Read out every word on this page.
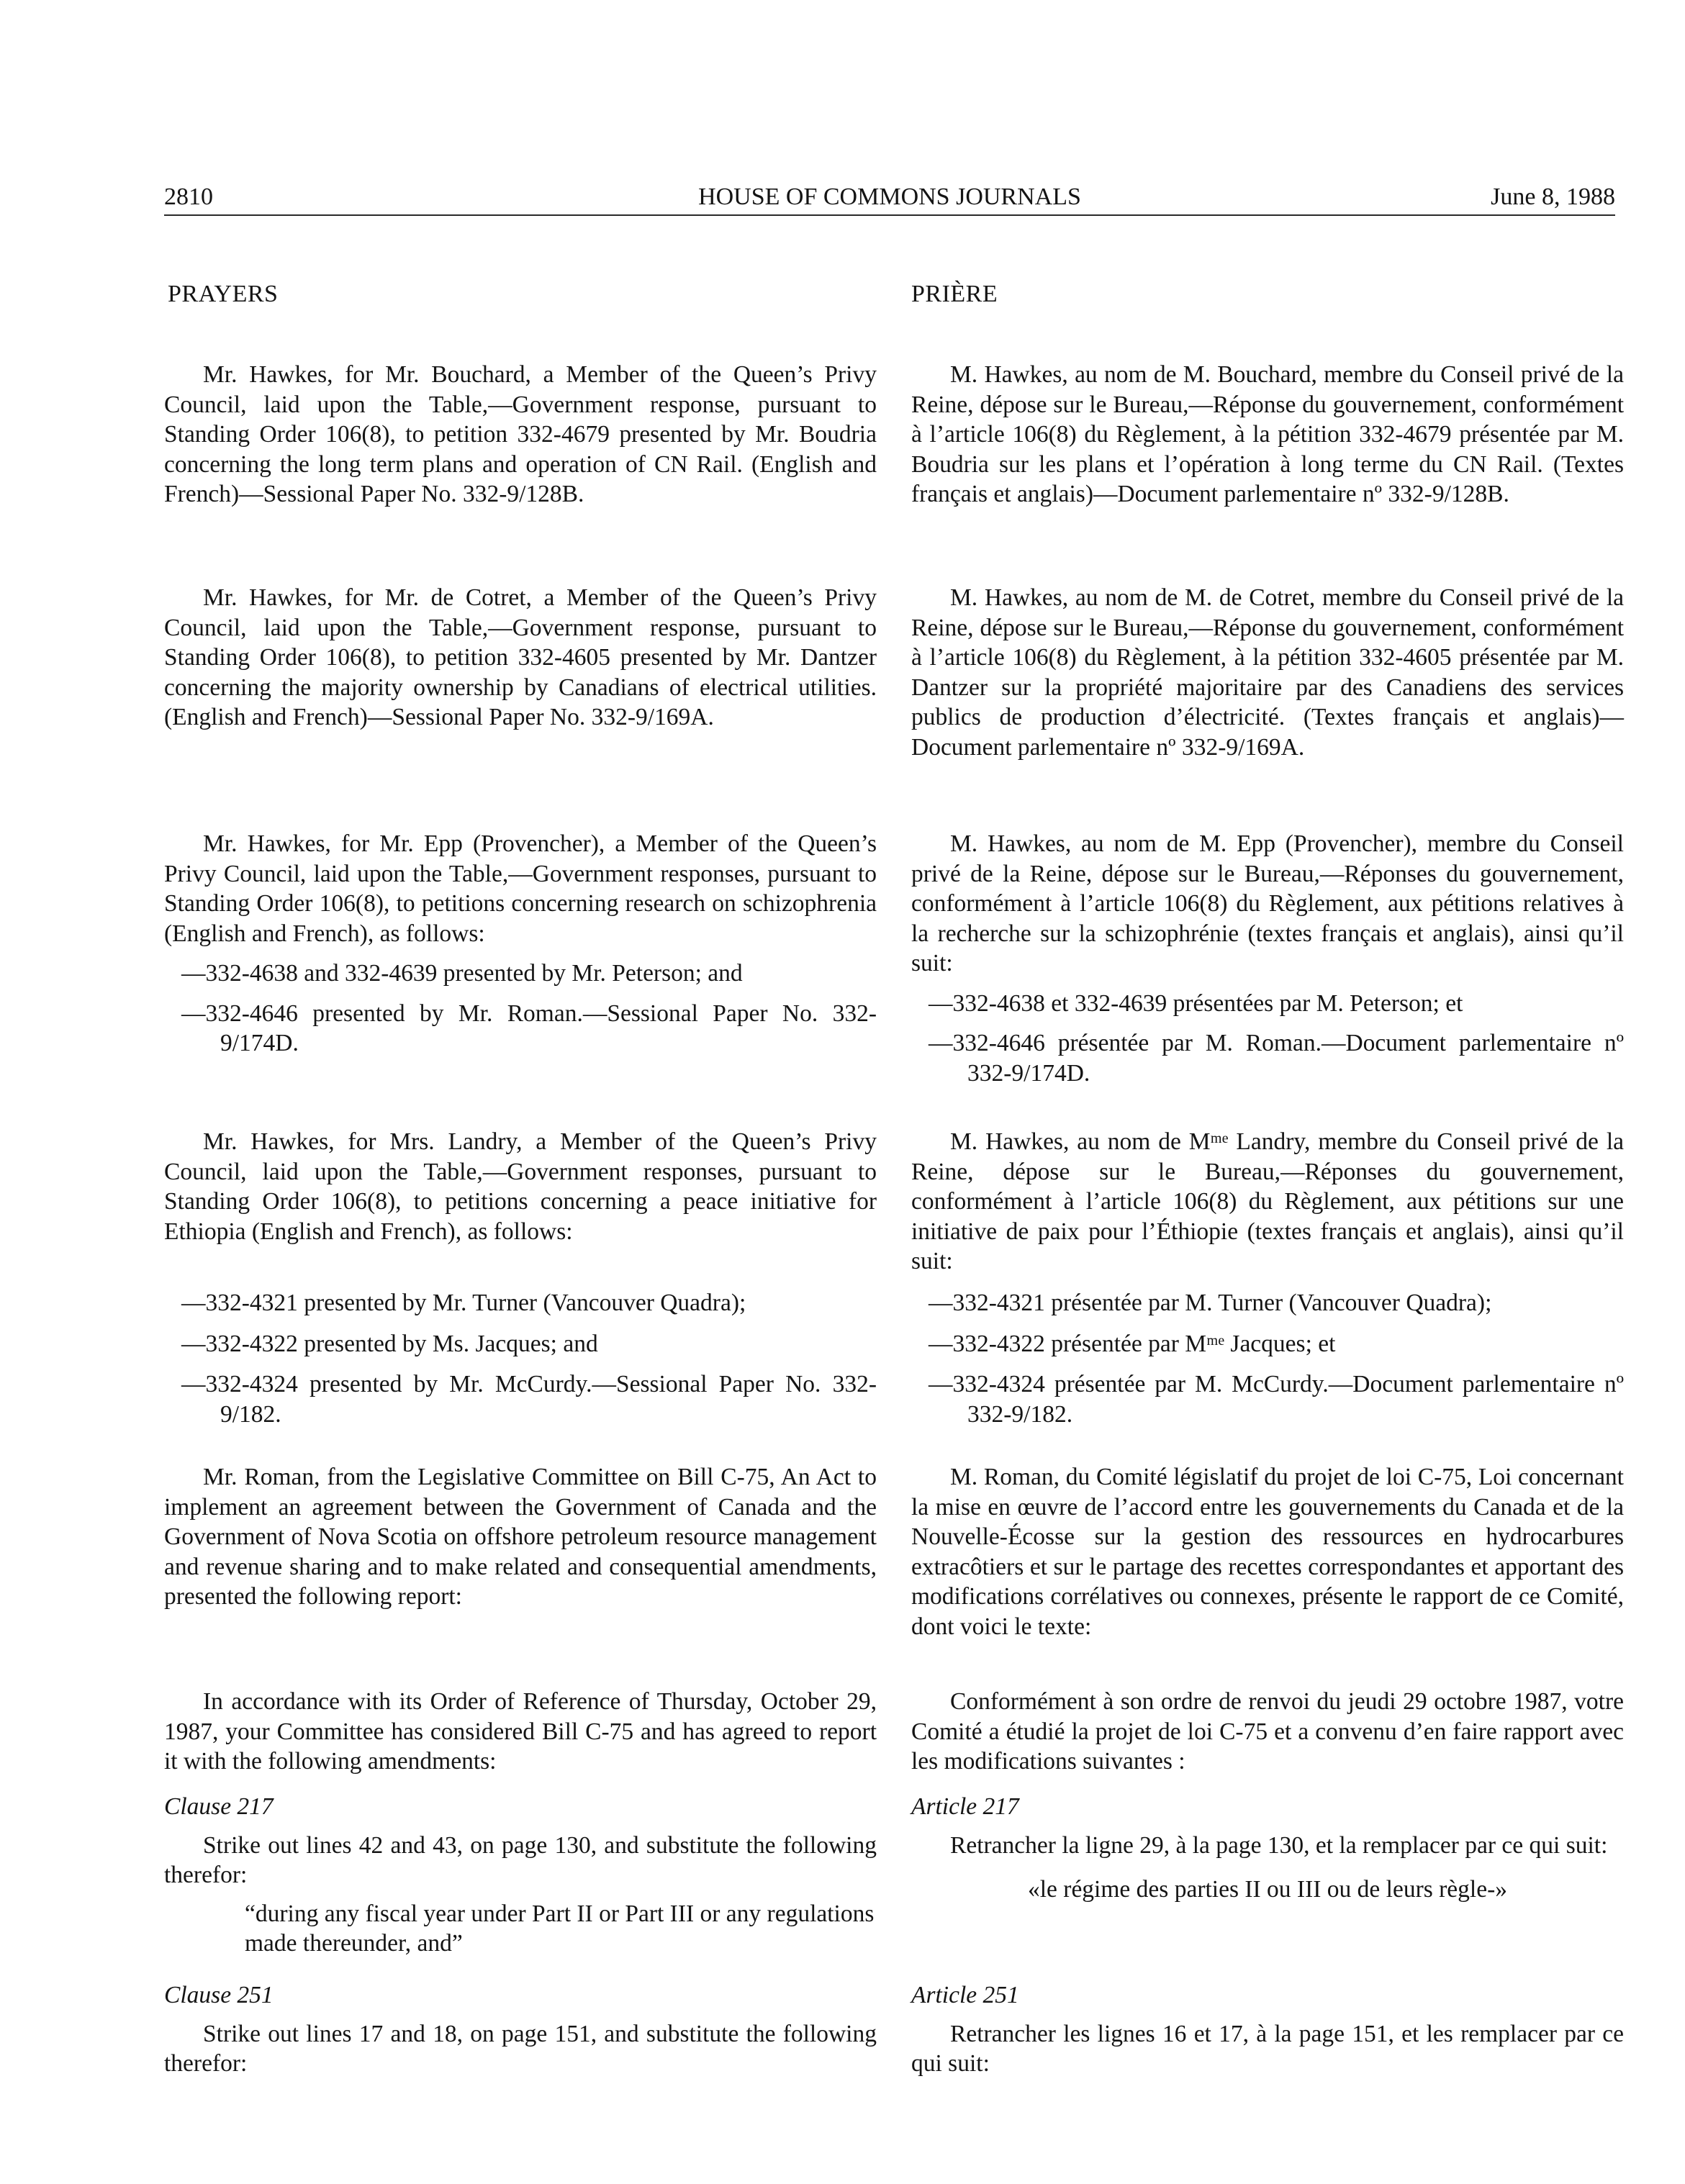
2810	HOUSE OF COMMONS JOURNALS	June 8, 1988
PRAYERS

Mr. Hawkes, for Mr. Bouchard, a Member of the Queen’s Privy Council, laid upon the Table,—Government response, pursuant to Standing Order 106(8), to petition 332-4679 presented by Mr. Boudria concerning the long term plans and operation of CN Rail. (English and French)—Sessional Paper No. 332-9/128B.

Mr. Hawkes, for Mr. de Cotret, a Member of the Queen’s Privy Council, laid upon the Table,—Government response, pursuant to Standing Order 106(8), to petition 332-4605 presented by Mr. Dantzer concerning the majority ownership by Canadians of electrical utilities. (English and French)—Sessional Paper No. 332-9/169A.

Mr. Hawkes, for Mr. Epp (Provencher), a Member of the Queen’s Privy Council, laid upon the Table,—Government responses, pursuant to Standing Order 106(8), to petitions concerning research on schizophrenia (English and French), as follows:

—332-4638 and 332-4639 presented by Mr. Peterson; and

—332-4646 presented by Mr. Roman.—Sessional Paper No. 332-9/174D.

Mr. Hawkes, for Mrs. Landry, a Member of the Queen’s Privy Council, laid upon the Table,—Government responses, pursuant to Standing Order 106(8), to petitions concerning a peace initiative for Ethiopia (English and French), as follows:

—332-4321 presented by Mr. Turner (Vancouver Quadra);

—332-4322 presented by Ms. Jacques; and

—332-4324 presented by Mr. McCurdy.—Sessional Paper No. 332-9/182.

Mr. Roman, from the Legislative Committee on Bill C-75, An Act to implement an agreement between the Government of Canada and the Government of Nova Scotia on offshore petroleum resource management and revenue sharing and to make related and consequential amendments, presented the following report:

In accordance with its Order of Reference of Thursday, October 29, 1987, your Committee has considered Bill C-75 and has agreed to report it with the following amendments:

Clause 217

Strike out lines 42 and 43, on page 130, and substitute the following therefor:

“during any fiscal year under Part II or Part III or any regulations made thereunder, and”

Clause 251

Strike out lines 17 and 18, on page 151, and substitute the following therefor:

PRIÈRE

M. Hawkes, au nom de M. Bouchard, membre du Conseil privé de la Reine, dépose sur le Bureau,—Réponse du gouvernement, conformément à l’article 106(8) du Règlement, à la pétition 332-4679 présentée par M. Boudria sur les plans et l’opération à long terme du CN Rail. (Textes français et anglais)—Document parlementaire nº 332-9/128B.

M. Hawkes, au nom de M. de Cotret, membre du Conseil privé de la Reine, dépose sur le Bureau,—Réponse du gouvernement, conformément à l’article 106(8) du Règlement, à la pétition 332-4605 présentée par M. Dantzer sur la propriété majoritaire par des Canadiens des services publics de production d’électricité. (Textes français et anglais)—Document parlementaire nº 332-9/169A.

M. Hawkes, au nom de M. Epp (Provencher), membre du Conseil privé de la Reine, dépose sur le Bureau,—Réponses du gouvernement, conformément à l’article 106(8) du Règlement, aux pétitions relatives à la recherche sur la schizophrénie (textes français et anglais), ainsi qu’il suit:

—332-4638 et 332-4639 présentées par M. Peterson; et

—332-4646 présentée par M. Roman.—Document parlementaire nº 332-9/174D.

M. Hawkes, au nom de Mᵐᵉ Landry, membre du Conseil privé de la Reine, dépose sur le Bureau,—Réponses du gouvernement, conformément à l’article 106(8) du Règlement, aux pétitions sur une initiative de paix pour l’Éthiopie (textes français et anglais), ainsi qu’il suit:

—332-4321 présentée par M. Turner (Vancouver Quadra);

—332-4322 présentée par Mᵐᵉ Jacques; et

—332-4324 présentée par M. McCurdy.—Document parlementaire nº 332-9/182.

M. Roman, du Comité législatif du projet de loi C-75, Loi concernant la mise en œuvre de l’accord entre les gouvernements du Canada et de la Nouvelle-Écosse sur la gestion des ressources en hydrocarbures extracôtiers et sur le partage des recettes correspondantes et apportant des modifications corrélatives ou connexes, présente le rapport de ce Comité, dont voici le texte:

Conformément à son ordre de renvoi du jeudi 29 octobre 1987, votre Comité a étudié la projet de loi C-75 et a convenu d’en faire rapport avec les modifications suivantes :

Article 217

Retrancher la ligne 29, à la page 130, et la remplacer par ce qui suit:

«le régime des parties II ou III ou de leurs règle-»

Article 251

Retrancher les lignes 16 et 17, à la page 151, et les remplacer par ce qui suit:
